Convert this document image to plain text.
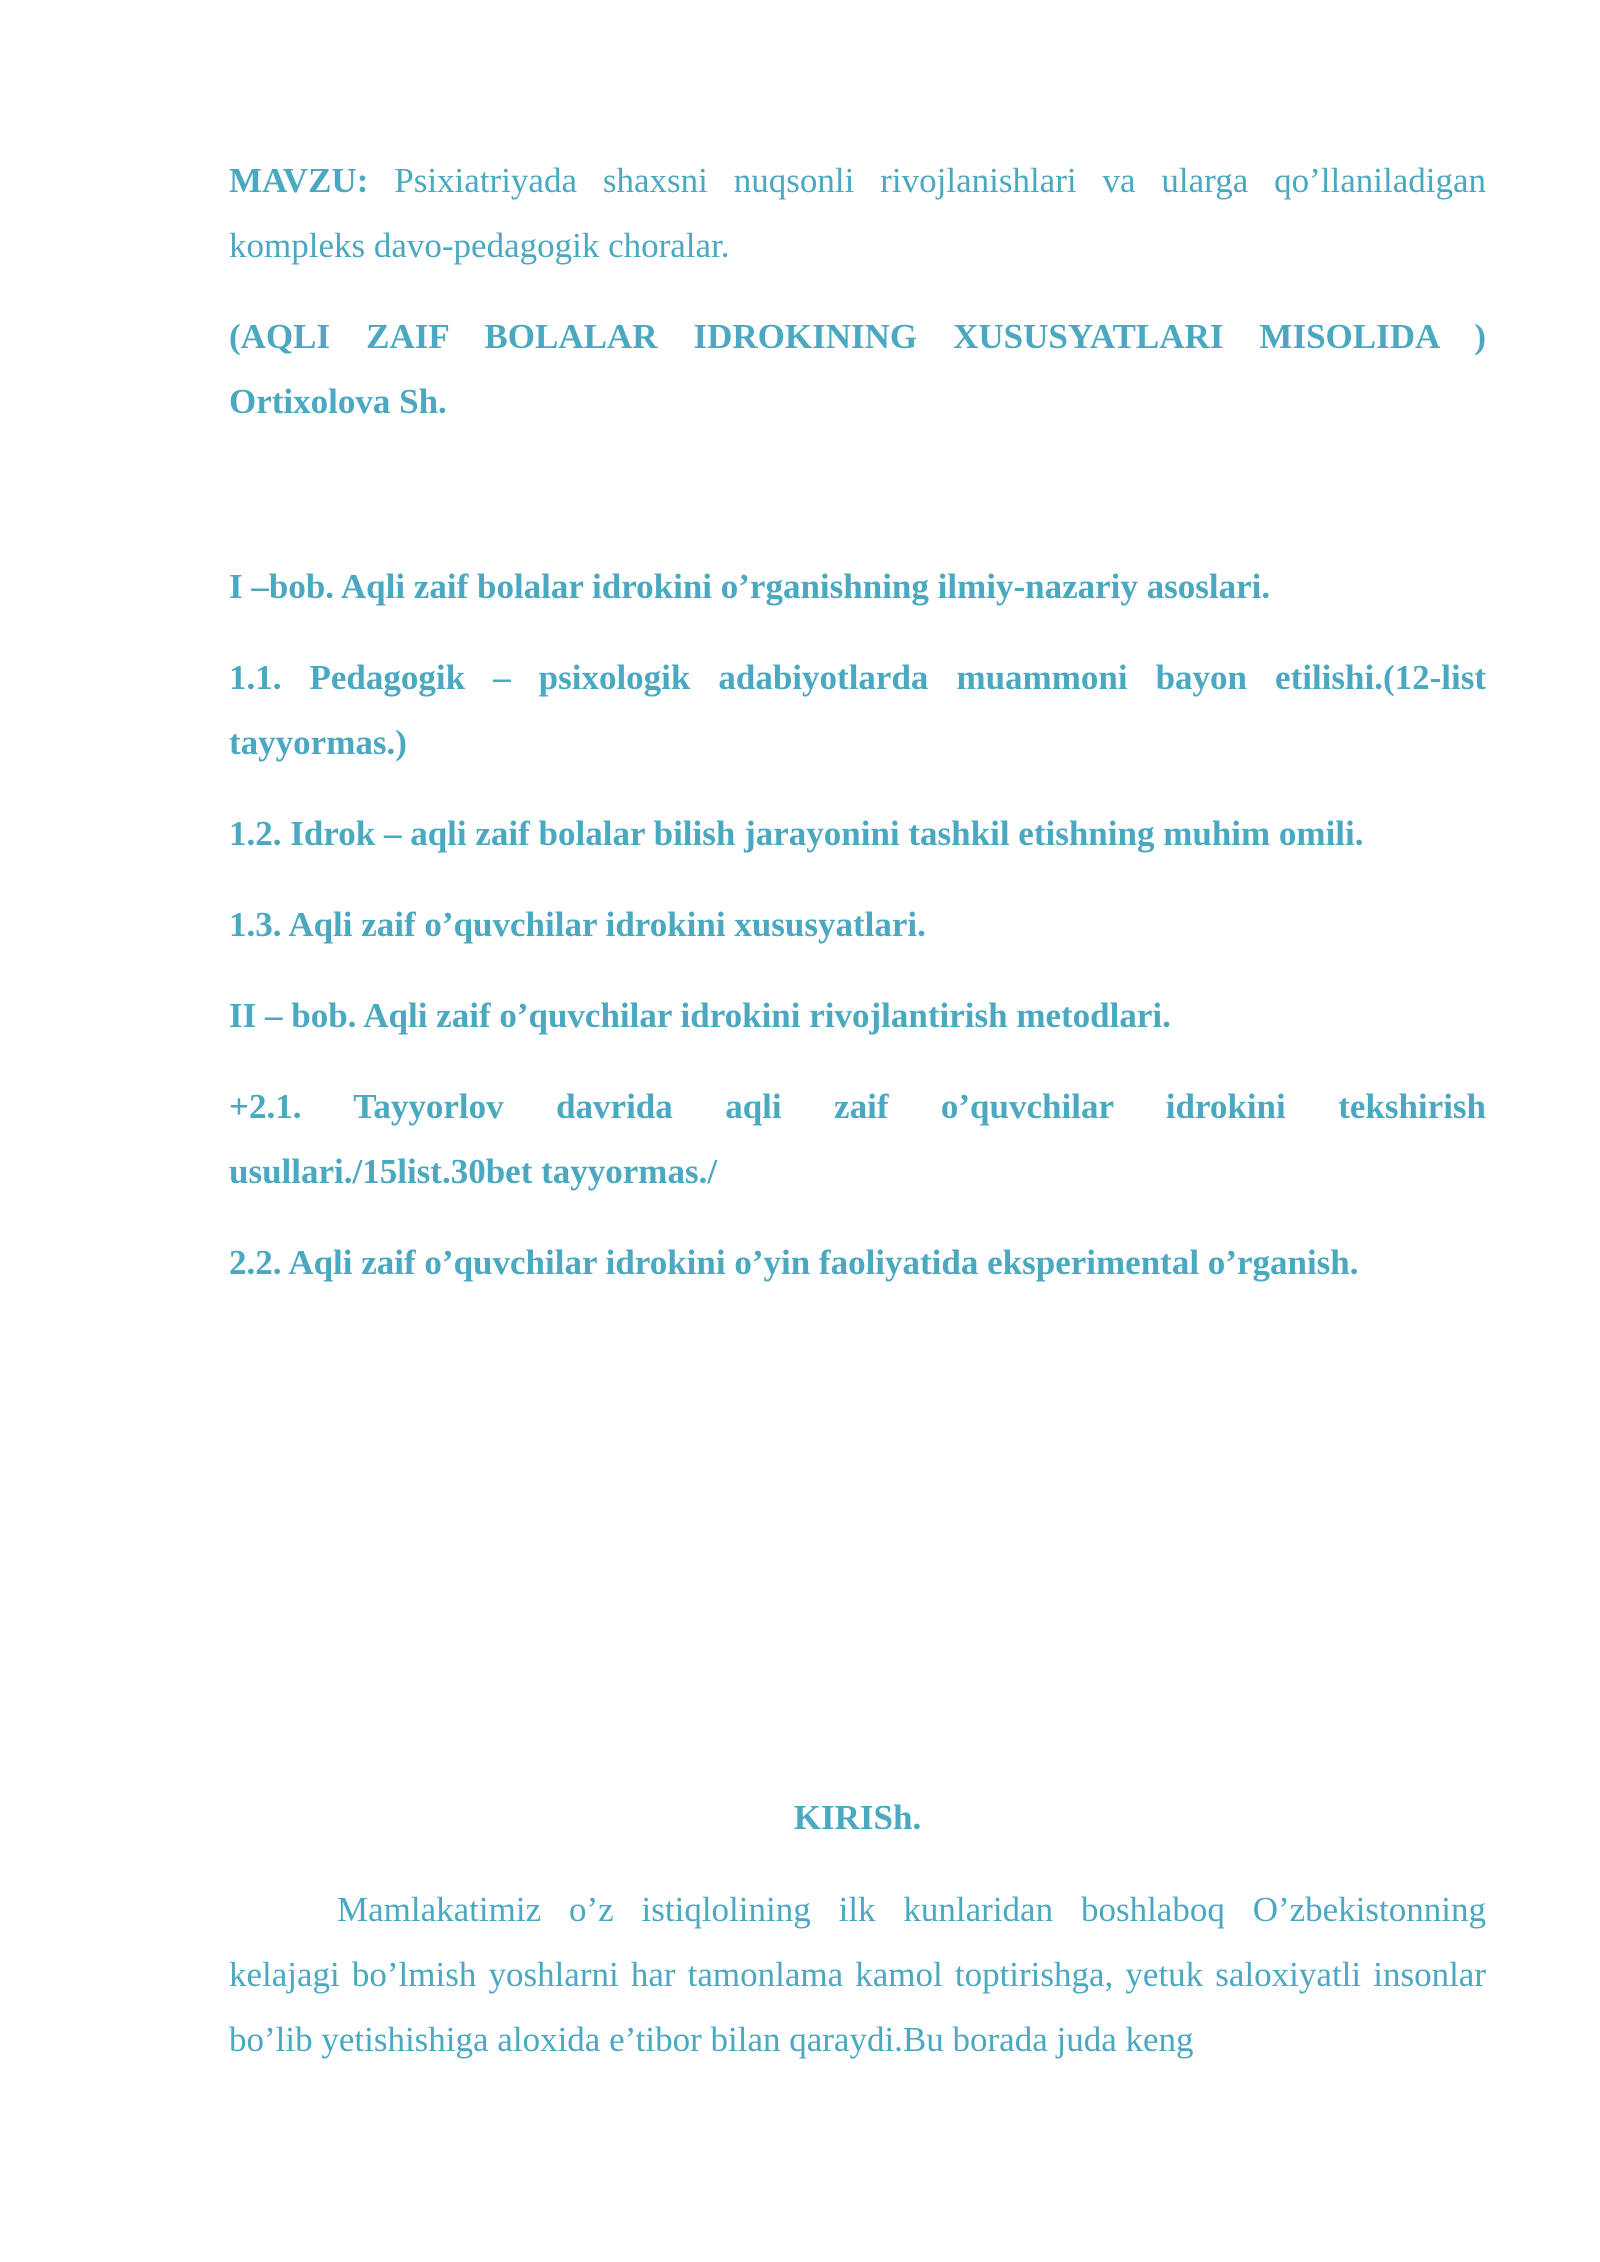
MAVZU: Psixiatriyada shaxsni nuqsonli rivojlanishlari va ularga qo’llaniladigan kompleks davo-pedagogik choralar.

(AQLI ZAIF BOLALAR IDROKINING XUSUSYATLARI MISOLIDA )

Ortixolova Sh.

I –bob. Aqli zaif bolalar idrokini o’rganishning ilmiy-nazariy asoslari.

1.1. Pedagogik – psixologik adabiyotlarda muammoni bayon etilishi.(12-list tayyormas.)

1.2. Idrok – aqli zaif bolalar bilish jarayonini tashkil etishning muhim omili.

1.3. Aqli zaif o’quvchilar idrokini xususyatlari.

II – bob. Aqli zaif o’quvchilar idrokini rivojlantirish metodlari.

+2.1. Tayyorlov davrida aqli zaif o’quvchilar idrokini tekshirish usullari./15list.30bet tayyormas./

2.2. Aqli zaif o’quvchilar idrokini o’yin faoliyatida eksperimental o’rganish.

KIRISh.

Mamlakatimiz o’z istiqlolining ilk kunlaridan boshlaboq O’zbekistonning kelajagi bo’lmish yoshlarni har tamonlama kamol toptirishga, yetuk saloxiyatli insonlar bo’lib yetishishiga aloxida e’tibor bilan qaraydi.Bu borada juda keng
